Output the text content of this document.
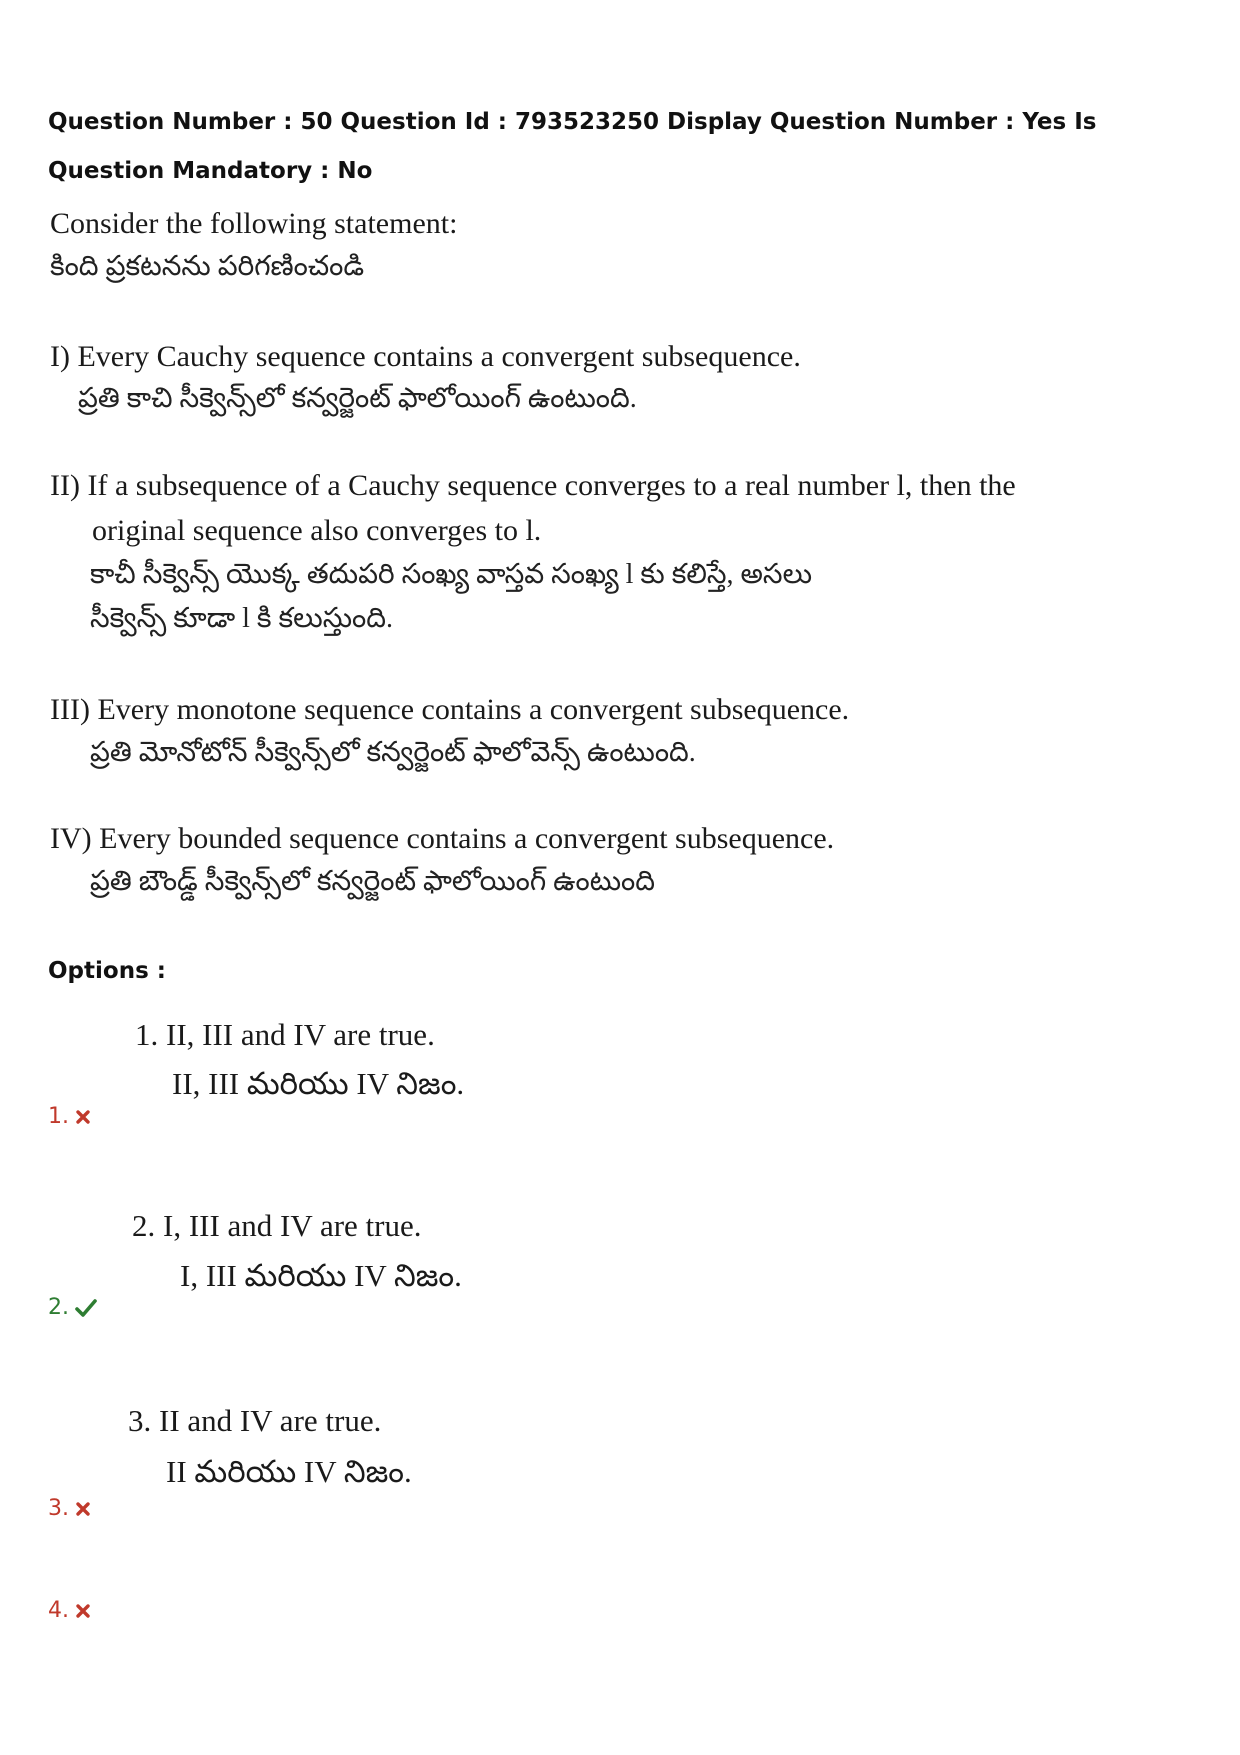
Question Number : 50 Question Id : 793523250 Display Question Number : Yes Is Question Mandatory : No
Consider the following statement:
కింది ప్రకటనను పరిగణించండి
I) Every Cauchy sequence contains a convergent subsequence.
ప్రతి కాచి సీక్వెన్స్‌లో కన్వర్జెంట్ ఫాలోయింగ్ ఉంటుంది.
II) If a subsequence of a Cauchy sequence converges to a real number l, then the
original sequence also converges to l.
కాచీ సీక్వెన్స్ యొక్క తదుపరి సంఖ్య వాస్తవ సంఖ్య l కు కలిస్తే, అసలు
సీక్వెన్స్ కూడా l కి కలుస్తుంది.
III) Every monotone sequence contains a convergent subsequence.
ప్రతి మోనోటోన్ సీక్వెన్స్‌లో కన్వర్జెంట్ ఫాలోవెన్స్ ఉంటుంది.
IV) Every bounded sequence contains a convergent subsequence.
ప్రతి బౌండ్డ్ సీక్వెన్స్‌లో కన్వర్జెంట్ ఫాలోయింగ్ ఉంటుంది
Options :
1. II, III and IV are true.
II, III మరియు IV నిజం.
1.
2. I, III and IV are true.
I, III మరియు IV నిజం.
2.
3. II and IV are true.
II మరియు IV నిజం.
3.
4.
